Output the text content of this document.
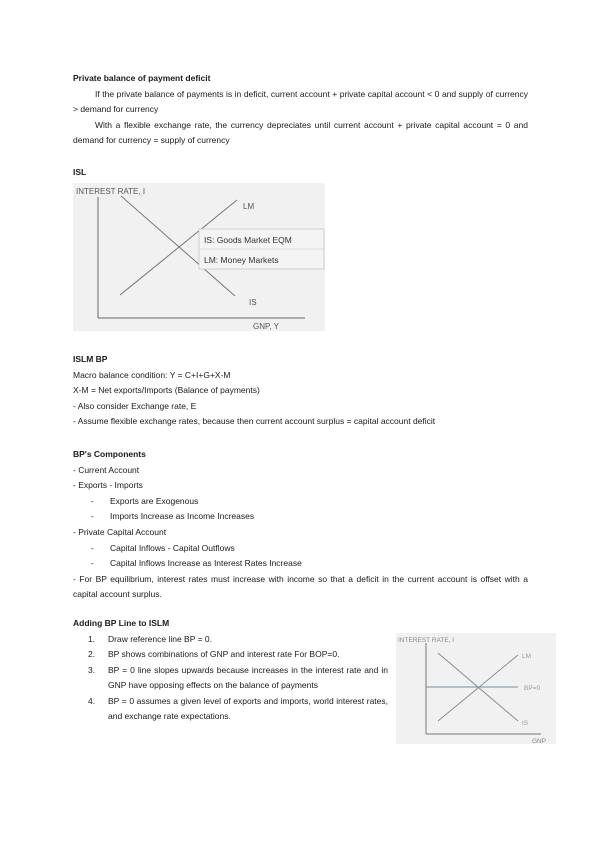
Private balance of payment deficit
If the private balance of payments is in deficit, current account + private capital account < 0 and supply of currency > demand for currency
With a flexible exchange rate, the currency depreciates until current account + private capital account = 0 and demand for currency = supply of currency
ISL
INTEREST RATE, I
GNP, Y
LM
IS
IS: Goods Market EQM
LM: Money Markets
ISLM BP
Macro balance condition: Y = C+I+G+X-M
X-M = Net exports/Imports (Balance of payments)
- Also consider Exchange rate, E
- Assume flexible exchange rates, because then current account surplus = capital account deficit
BP's Components
- Current Account
- Exports - Imports
- Exports are Exogenous
- Imports Increase as Income Increases
- Private Capital Account
- Capital Inflows - Capital Outflows
- Capital Inflows Increase as Interest Rates Increase
- For BP equilibrium, interest rates must increase with income so that a deficit in the current account is offset with a capital account surplus.
Adding BP Line to ISLM
1. Draw reference line BP = 0.
2. BP shows combinations of GNP and interest rate For BOP=0.
3. BP = 0 line slopes upwards because increases in the interest rate and in GNP have opposing effects on the balance of payments
4. BP = 0 assumes a given level of exports and imports, world interest rates, and exchange rate expectations.
INTEREST RATE, I
GNP
LM
BP=0
IS
